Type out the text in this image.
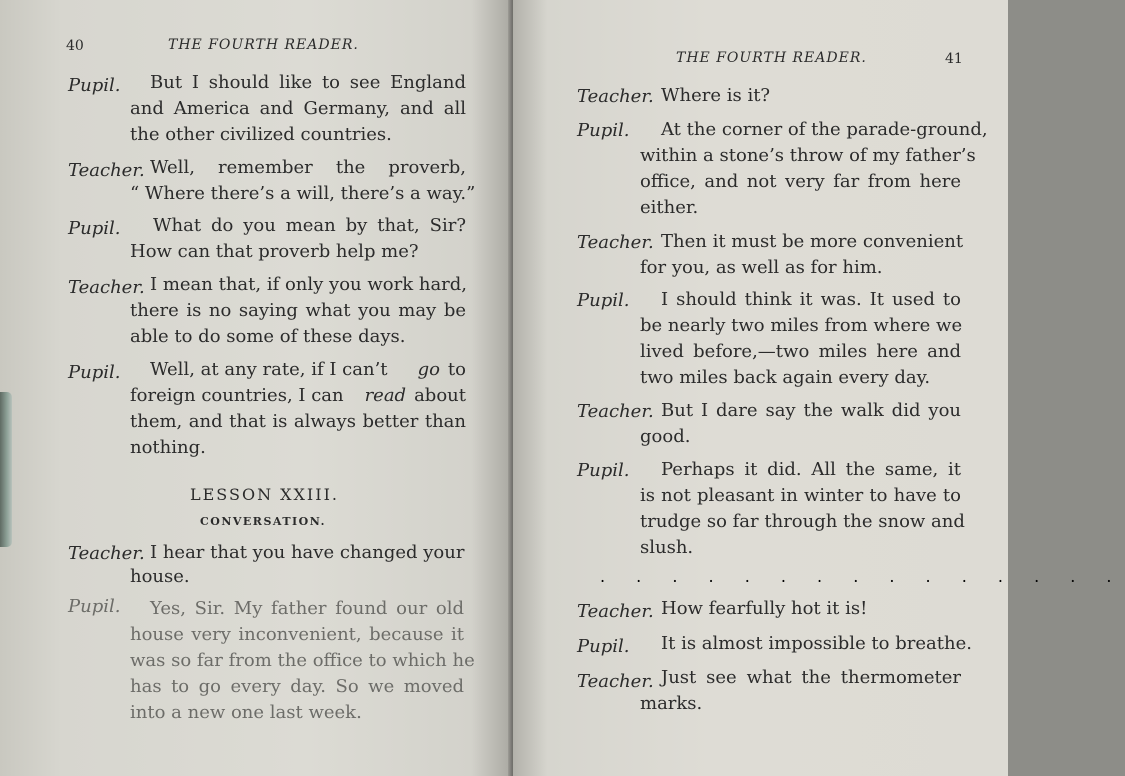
40	THE FOURTH READER.
Pupil. But I should like to see England
and America and Germany, and all
the other civilized countries.
Teacher. Well, remember the proverb,
“ Where there’s a will, there’s a way.”
Pupil. What do you mean by that, Sir?
How can that proverb help me?
Teacher. I mean that, if only you work hard,
there is no saying what you may be
able to do some of these days.
Pupil. Well, at any rate, if I can’t go to
foreign countries, I can read about
them, and that is always better than
nothing.
LESSON XXIII.
CONVERSATION.
Teacher. I hear that you have changed your
house.
Pupil. Yes, Sir. My father found our old
house very inconvenient, because it
was so far from the office to which he
has to go every day. So we moved
into a new one last week.
THE FOURTH READER.	41
Teacher. Where is it?
Pupil. At the corner of the parade-ground,
within a stone’s throw of my father’s
office, and not very far from here
either.
Teacher. Then it must be more convenient
for you, as well as for him.
Pupil. I should think it was. It used to
be nearly two miles from where we
lived before,—two miles here and
two miles back again every day.
Teacher. But I dare say the walk did you
good.
Pupil. Perhaps it did. All the same, it
is not pleasant in winter to have to
trudge so far through the snow and
slush.
Teacher. How fearfully hot it is!
Pupil. It is almost impossible to breathe.
Teacher. Just see what the thermometer
marks.
. . . . . . . . . . . . . . .
